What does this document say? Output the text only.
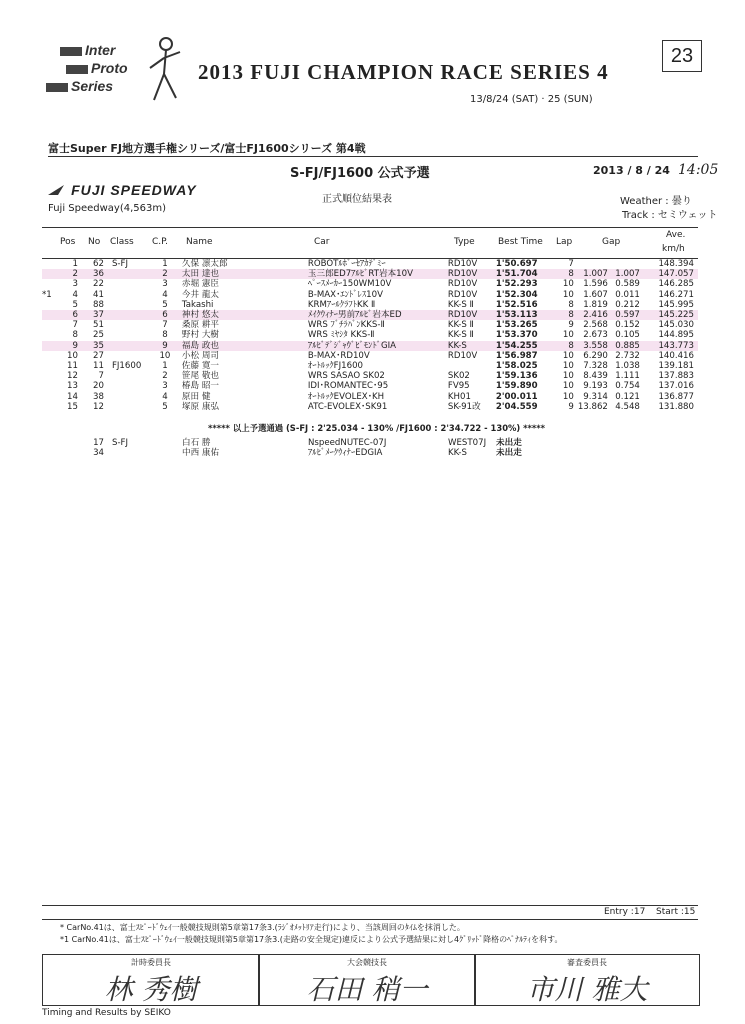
Inter
Proto
Series
2013 FUJI CHAMPION RACE SERIES 4
13/8/24 (SAT) · 25 (SUN)
23
富士Super FJ地方選手権シリーズ/富士FJ1600シリーズ 第4戦
S-FJ/FJ1600 公式予選	2013 / 8 / 24 14:05
FUJI SPEEDWAY
Fuji Speedway(4,563m)
正式順位結果表	Weather : 曇り
Track : セミウェット
Pos No Class C.P. Name	Car	Type	Best Time Lap	Gap
Ave.
km/h
	1	62	S-FJ	1	久保 凛太郎	ROBOTﾙﾎﾞｰｾｱｶﾃﾞﾐｰ	RD10V	1'50.697	7			148.394
	2	36		2	太田 達也	玉三郎ED7ｱﾙﾋﾞRT岩本10V	RD10V	1'51.704	8	1.007	1.007	147.057
	3	22		3	赤堀 憲臣	ﾍﾟｰｽﾒｰｶｰ150WM10V	RD10V	1'52.293	10	1.596	0.589	146.285
*1	4	41		4	今井 龍太	B-MAX･ｴﾝﾄﾞﾚｽ10V	RD10V	1'52.304	10	1.607	0.011	146.271
	5	88		5	Takashi	KRMｱｰﾙｸﾗﾌﾄKK Ⅱ	KK-S Ⅱ	1'52.516	8	1.819	0.212	145.995
	6	37		6	神村 悠太	ﾒｲｸｳｨﾅｰ男前ｱﾙﾋﾞ岩本ED	RD10V	1'53.113	8	2.416	0.597	145.225
	7	51		7	桑原 耕平	WRS ﾌﾞﾁﾗﾊﾞﾝKKS-Ⅱ	KK-S Ⅱ	1'53.265	9	2.568	0.152	145.030
	8	25		8	野村 大樹	WRS ﾐﾔｼﾀ KKS-Ⅱ	KK-S Ⅱ	1'53.370	10	2.673	0.105	144.895
	9	35		9	福島 政也	ｱﾙﾋﾞﾃﾞｼﾞｬｳﾞﾋﾞﾓﾝﾄﾞGIA	KK-S	1'54.255	8	3.558	0.885	143.773
	10	27		10	小松 周司	B-MAX･RD10V	RD10V	1'56.987	10	6.290	2.732	140.416
	11	11	FJ1600	1	佐藤 寛一	ｵｰﾄﾙｯｸFJ1600		1'58.025	10	7.328	1.038	139.181
	12	7		2	笹尾 敬也	WRS SASAO SK02	SK02	1'59.136	10	8.439	1.111	137.883
	13	20		3	椿島 昭一	IDI･ROMANTEC･95	FV95	1'59.890	10	9.193	0.754	137.016
	14	38		4	原田 健	ｵｰﾄﾙｯｸEVOLEX･KH	KH01	2'00.011	10	9.314	0.121	136.877
	15	12		5	塚原 康弘	ATC-EVOLEX･SK91	SK-91改	2'04.559	9	13.862	4.548	131.880
***** 以上予選通過 (S-FJ : 2'25.034 - 130% /FJ1600 : 2'34.722 - 130%) *****
		17	S-FJ		白石 勝	NspeedNUTEC-07J	WEST07J	未出走				
		34			中西 康佑	ｱﾙﾋﾞﾒｰｸｳｨﾅｰEDGIA	KK-S	未出走				
Entry :17 Start :15
* CarNo.41は、富士ｽﾋﾟｰﾄﾞｳｪｲ一般競技規則第5章第17条3.(ﾗｼﾞｵﾒｯﾄﾘｱ走行)により、当該周回のﾀｲﾑを抹消した。
*1 CarNo.41は、富士ｽﾋﾟｰﾄﾞｳｪｲ一般競技規則第5章第17条3.(走路の安全規定)違反により公式予選結果に対し4ｸﾞﾘｯﾄﾞ降格のﾍﾟﾅﾙﾃｨを科す。
計時委員長
林 秀樹
大会競技長
石田 稍一
審査委員長
市川 雅大
Timing and Results by SEIKO
